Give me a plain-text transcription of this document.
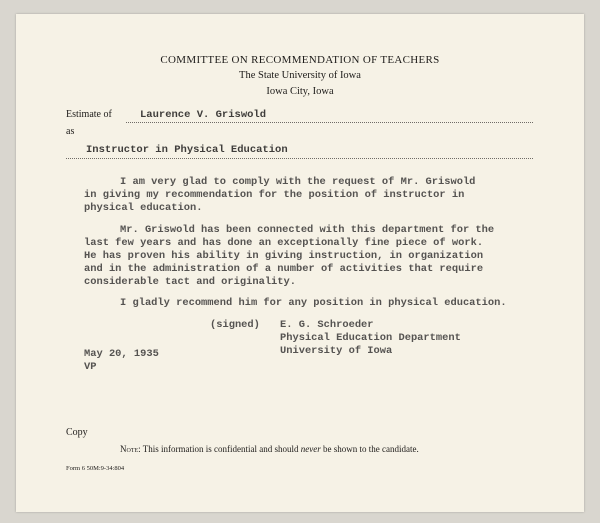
COMMITTEE ON RECOMMENDATION OF TEACHERS
The State University of Iowa
Iowa City, Iowa
Estimate of	Laurence V. Griswold
as
Instructor in Physical Education
I am very glad to comply with the request of Mr. Griswold
in giving my recommendation for the position of instructor in
physical education.
Mr. Griswold has been connected with this department for the
last few years and has done an exceptionally fine piece of work.
He has proven his ability in giving instruction, in organization
and in the administration of a number of activities that require
considerable tact and originality.
I gladly recommend him for any position in physical education.
(signed) E. G. Schroeder
Physical Education Department
University of Iowa
May 20, 1935
VP
Copy
Note: This information is confidential and should never be shown to the candidate.
Form 6 50M:9-34:804
